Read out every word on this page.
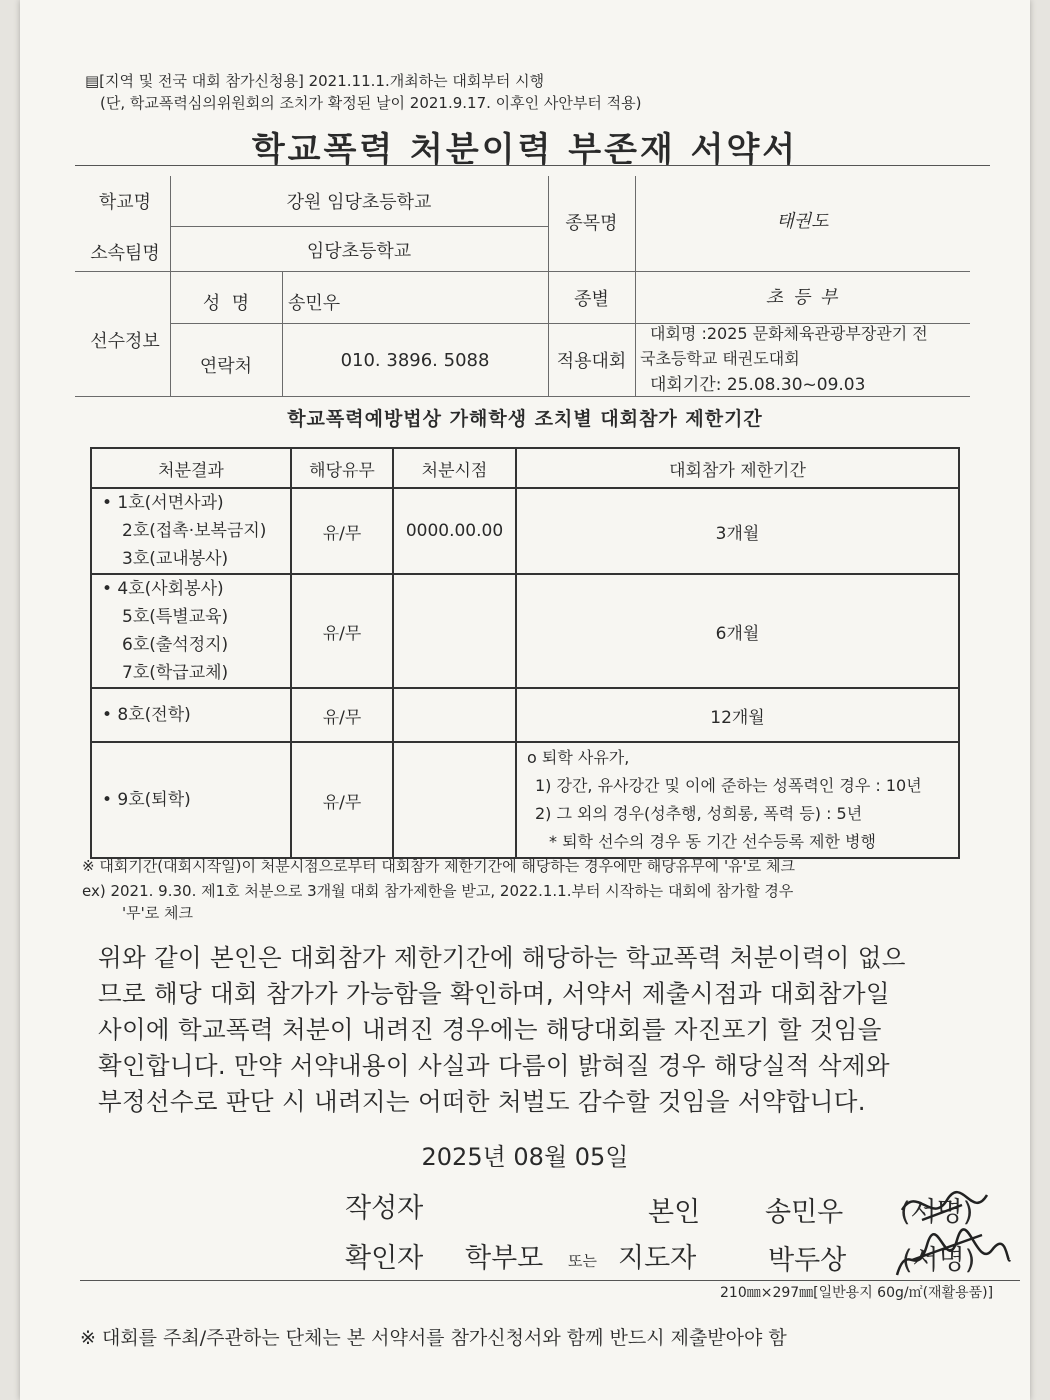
▤[지역 및 전국 대회 참가신청용] 2021.11.1.개최하는 대회부터 시행
(단, 학교폭력심의위원회의 조치가 확정된 날이 2021.9.17. 이후인 사안부터 적용)
학교폭력 처분이력 부존재 서약서
학교명	강원 임당초등학교
소속팀명	임당초등학교
종목명	태권도
선수정보
성  명	송민우
연락처	010. 3896. 5088
종별	초 등 부
적용대회
대회명 :2025 문화체육관광부장관기 전
국초등학교 태권도대회
대회기간: 25.08.30~09.03
학교폭력예방법상 가해학생 조치별 대회참가 제한기간
처분결과	해당유무	처분시점	대회참가 제한기간

• 1호(서면사과)
2호(접촉·보복금지)
3호(교내봉사)	유/무	0000.00.00	3개월

• 4호(사회봉사)
5호(특별교육)
6호(출석정지)
7호(학급교체)	유/무		6개월

• 8호(전학)	유/무		12개월

• 9호(퇴학)	유/무		o 퇴학 사유가,
1) 강간, 유사강간 및 이에 준하는 성폭력인 경우 : 10년
2) 그 외의 경우(성추행, 성희롱, 폭력 등) : 5년
* 퇴학 선수의 경우 동 기간 선수등록 제한 병행
※ 대회기간(대회시작일)이 처분시점으로부터 대회참가 제한기간에 해당하는 경우에만 해당유무에 '유'로 체크
ex) 2021. 9.30. 제1호 처분으로 3개월 대회 참가제한을 받고, 2022.1.1.부터 시작하는 대회에 참가할 경우
'무'로 체크
위와 같이 본인은 대회참가 제한기간에 해당하는 학교폭력 처분이력이 없으
므로 해당 대회 참가가 가능함을 확인하며, 서약서 제출시점과 대회참가일
사이에 학교폭력 처분이 내려진 경우에는 해당대회를 자진포기 할 것임을
확인합니다. 만약 서약내용이 사실과 다름이 밝혀질 경우 해당실적 삭제와
부정선수로 판단 시 내려지는 어떠한 처벌도 감수할 것임을 서약합니다.
2025년 08월 05일
작성자	본인 송민우 (서명)
확인자 학부모 또는 지도자	박두상 (서명)
210㎜×297㎜[일반용지 60g/㎡(재활용품)]
※ 대회를 주최/주관하는 단체는 본 서약서를 참가신청서와 함께 반드시 제출받아야 함
